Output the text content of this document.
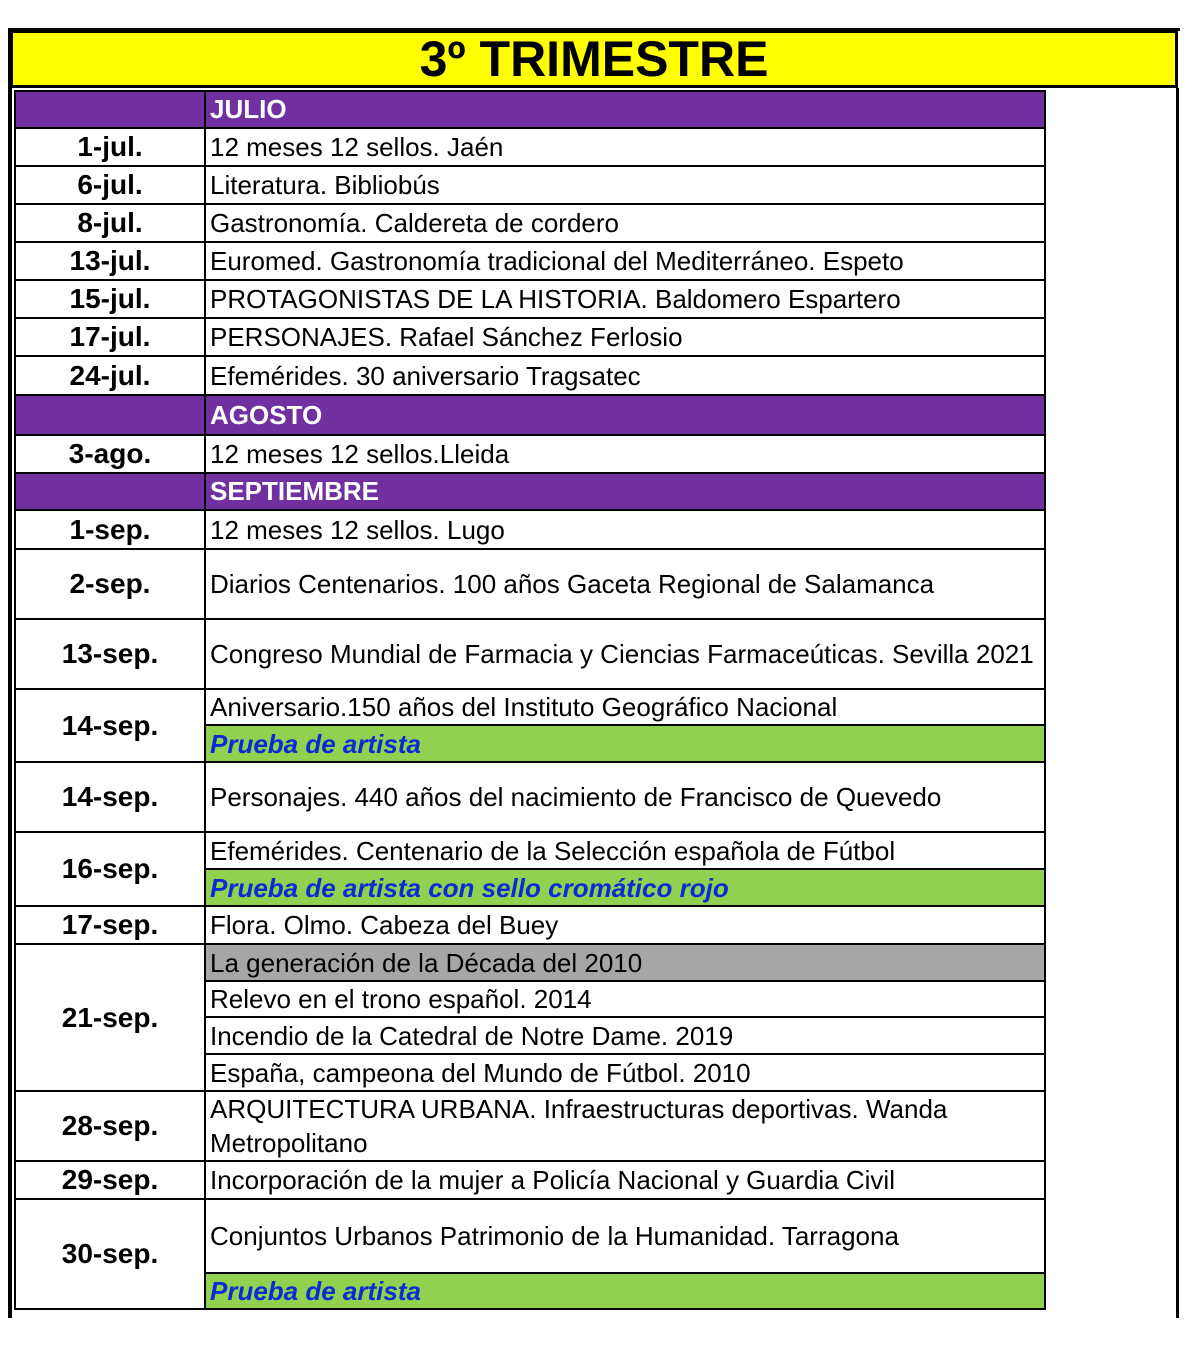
3º TRIMESTRE
	JULIO
1-jul.	12 meses 12 sellos. Jaén
6-jul.	Literatura. Bibliobús
8-jul.	Gastronomía. Caldereta de cordero
13-jul.	Euromed. Gastronomía tradicional del Mediterráneo. Espeto
15-jul.	PROTAGONISTAS DE LA HISTORIA. Baldomero Espartero
17-jul.	PERSONAJES. Rafael Sánchez Ferlosio
24-jul.	Efemérides. 30 aniversario Tragsatec
	AGOSTO
3-ago.	12 meses 12 sellos.Lleida
	SEPTIEMBRE
1-sep.	12 meses 12 sellos. Lugo
2-sep.	Diarios Centenarios. 100 años Gaceta Regional de Salamanca
13-sep.	Congreso Mundial de Farmacia y Ciencias Farmaceúticas. Sevilla 2021
14-sep.	Aniversario.150 años del Instituto Geográfico Nacional
	Prueba de artista
14-sep.	Personajes. 440 años del nacimiento de Francisco de Quevedo
16-sep.	Efemérides. Centenario de la Selección española de Fútbol
	Prueba de artista con sello cromático rojo
17-sep.	Flora. Olmo. Cabeza del Buey
21-sep.	La generación de la Década del 2010
	Relevo en el trono español. 2014
	Incendio de la Catedral de Notre Dame. 2019
	España, campeona del Mundo de Fútbol. 2010
28-sep.	ARQUITECTURA URBANA. Infraestructuras deportivas. Wanda Metropolitano
29-sep.	Incorporación de la mujer a Policía Nacional y Guardia Civil
30-sep.	Conjuntos Urbanos Patrimonio de la Humanidad. Tarragona
	Prueba de artista
